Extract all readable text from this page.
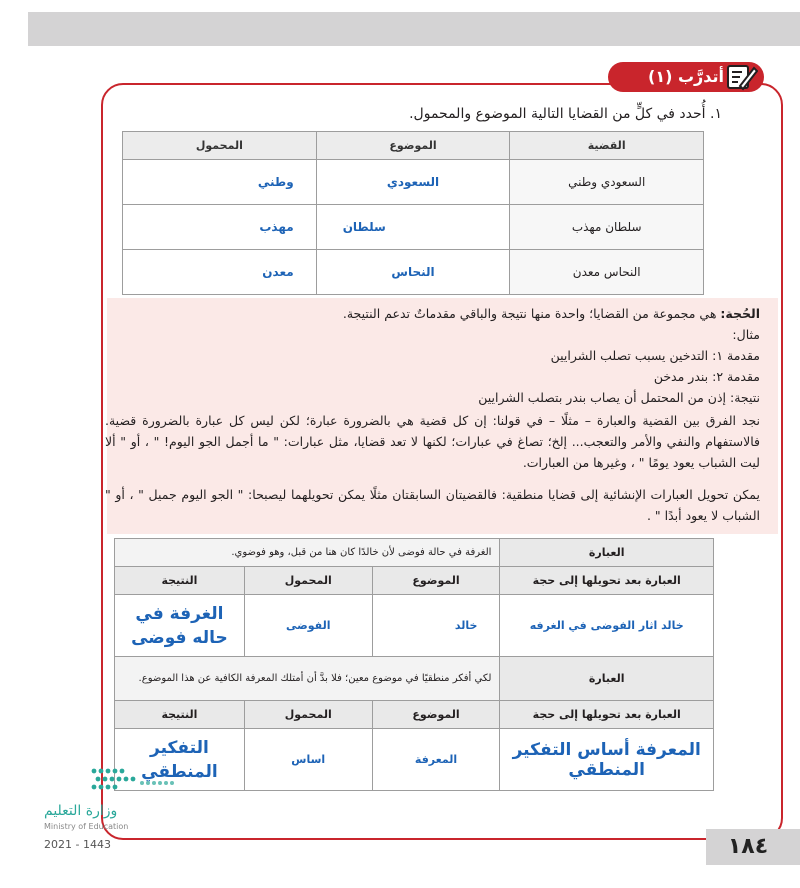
أتدرَّب (١)
١. أُحدد في كلٍّ من القضايا التالية الموضوع والمحمول.
القضية	الموضوع	المحمول
السعودي وطني	السعودي	وطني
سلطان مهذب	سلطان	مهذب
النحاس معدن	النحاس	معدن
الحُجة: هي مجموعة من القضايا؛ واحدة منها نتيجة والباقي مقدماتٌ تدعم النتيجة.
مثال:
مقدمة ١: التدخين يسبب تصلب الشرايين
مقدمة ٢: بندر مدخن
نتيجة: إذن من المحتمل أن يصاب بندر بتصلب الشرايين
نجد الفرق بين القضية والعبارة – مثلًا – في قولنا: إن كل قضية هي بالضرورة عبارة؛ لكن ليس كل عبارة بالضرورة قضية. فالاستفهام والنفي والأمر والتعجب... إلخ؛ تصاغ في عبارات؛ لكنها لا تعد قضايا، مثل عبارات: " ما أجمل الجو اليوم! " ، أو " ألا ليت الشباب يعود يومًا " ، وغيرها من العبارات.
يمكن تحويل العبارات الإنشائية إلى قضايا منطقية: فالقضيتان السابقتان مثلًا يمكن تحويلهما ليصبحا: " الجو اليوم جميل " ، أو " الشباب لا يعود أبدًا " .
العبارة	الغرفة في حالة فوضى لأن خالدًا كان هنا من قبل، وهو فوضوي.		
العبارة بعد تحويلها إلى حجة	الموضوع	المحمول	النتيجة
خالد اثار الفوضى في الغرفه	خالد	الفوضى	الغرفة في حاله فوضى
العبارة	لكي أفكر منطقيًا في موضوع معين؛ فلا بدَّ أن أمتلك المعرفة الكافية عن هذا الموضوع.		
العبارة بعد تحويلها إلى حجة	الموضوع	المحمول	النتيجة
المعرفة أساس التفكير المنطقي	المعرفة	اساس	التفكير المنطقي
وزارة التعليم
Ministry of Education
2021 - 1443	١٨٤
